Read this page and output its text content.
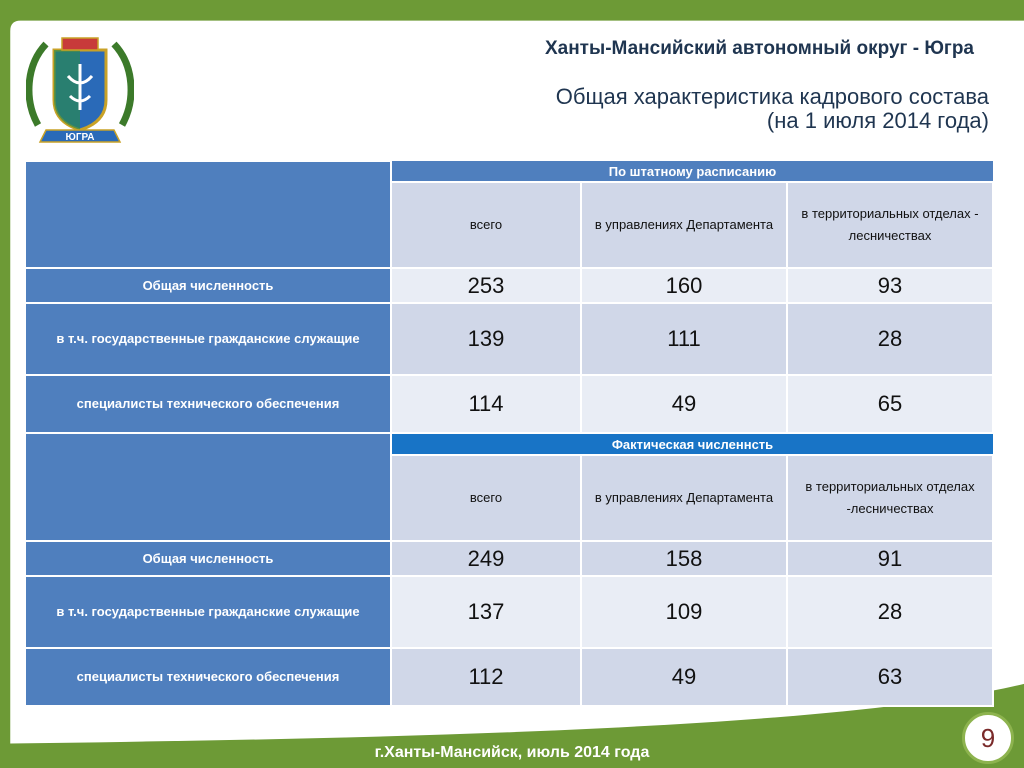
ЮГРА
Ханты-Мансийский автономный округ - Югра
Общая характеристика кадрового состава
(на 1 июля 2014 года)
	По штатному расписанию		
	всего	в управлениях Департамента	в территориальных отделах - лесничествах
Общая численность	253	160	93
в т.ч. государственные гражданские служащие	139	111	28
специалисты технического обеспечения	114	49	65
	Фактическая численнсть		
	всего	в управлениях Департамента	в территориальных отделах -лесничествах
Общая численность	249	158	91
в т.ч. государственные гражданские служащие	137	109	28
специалисты технического обеспечения	112	49	63
г.Ханты-Мансийск, июль 2014 года	9
